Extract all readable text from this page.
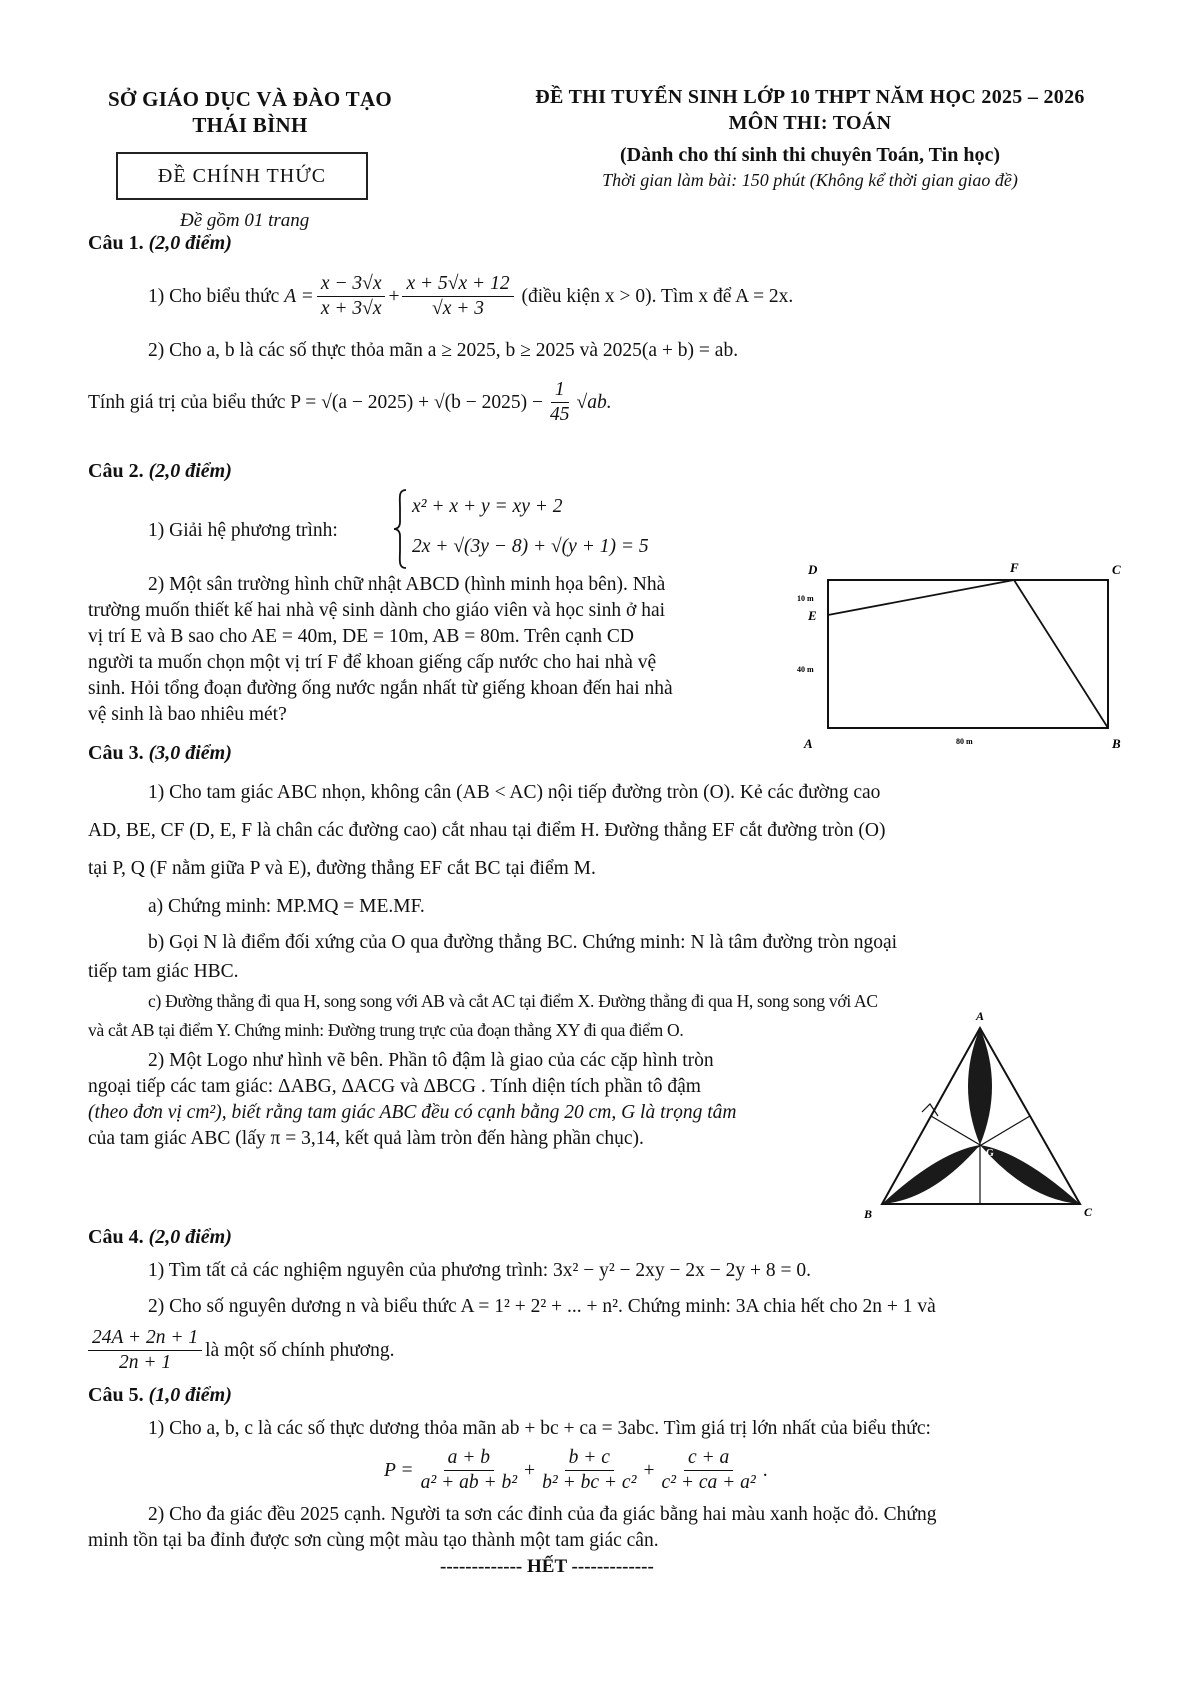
SỞ GIÁO DỤC VÀ ĐÀO TẠO
THÁI BÌNH
ĐỀ CHÍNH THỨC
Đề gồm 01 trang
ĐỀ THI TUYỂN SINH LỚP 10 THPT NĂM HỌC 2025 – 2026
MÔN THI: TOÁN
(Dành cho thí sinh thi chuyên Toán, Tin học)
Thời gian làm bài: 150 phút (Không kể thời gian giao đề)
Câu 1. (2,0 điểm)
1) Cho biểu thức
$A = \frac{x - 3√x}{x + 3√x} + \frac{x + 5√x + 12}{√x + 3}$
(điều kiện x > 0). Tìm x để A = 2x.
2) Cho a, b là các số thực thỏa mãn a ≥ 2025, b ≥ 2025 và 2025(a + b) = ab.
Tính giá trị của biểu thức $P = √(a - 2025) + √(b - 2025) - \frac{1}{45} √ab$.
Câu 2. (2,0 điểm)
1) Giải hệ phương trình:
x² + x + y = xy + 2
2x + √(3y − 8) + √(y + 1) = 5
2) Một sân trường hình chữ nhật ABCD (hình minh họa bên). Nhà
trường muốn thiết kế hai nhà vệ sinh dành cho giáo viên và học sinh ở hai
vị trí E và B sao cho AE = 40m, DE = 10m, AB = 80m. Trên cạnh CD
người ta muốn chọn một vị trí F để khoan giếng cấp nước cho hai nhà vệ
sinh. Hỏi tổng đoạn đường ống nước ngắn nhất từ giếng khoan đến hai nhà
vệ sinh là bao nhiêu mét?
D	F	C
E
A	B
10 m
40 m
80 m
Câu 3. (3,0 điểm)
1) Cho tam giác ABC nhọn, không cân (AB < AC) nội tiếp đường tròn (O). Kẻ các đường cao
AD, BE, CF (D, E, F là chân các đường cao) cắt nhau tại điểm H. Đường thẳng EF cắt đường tròn (O)
tại P, Q (F nằm giữa P và E), đường thẳng EF cắt BC tại điểm M.
a) Chứng minh: MP.MQ = ME.MF.
b) Gọi N là điểm đối xứng của O qua đường thẳng BC. Chứng minh: N là tâm đường tròn ngoại
tiếp tam giác HBC.
c) Đường thẳng đi qua H, song song với AB và cắt AC tại điểm X. Đường thẳng đi qua H, song song với AC
và cắt AB tại điểm Y. Chứng minh: Đường trung trực của đoạn thẳng XY đi qua điểm O.
2) Một Logo như hình vẽ bên. Phần tô đậm là giao của các cặp hình tròn
ngoại tiếp các tam giác: ΔABG, ΔACG và ΔBCG . Tính diện tích phần tô đậm
(theo đơn vị cm²), biết rằng tam giác ABC đều có cạnh bằng 20 cm, G là trọng tâm
của tam giác ABC (lấy π = 3,14, kết quả làm tròn đến hàng phần chục).
A
B	C
G
Câu 4. (2,0 điểm)
1) Tìm tất cả các nghiệm nguyên của phương trình: 3x² − y² − 2xy − 2x − 2y + 8 = 0.
2) Cho số nguyên dương n và biểu thức A = 1² + 2² + ... + n². Chứng minh: 3A chia hết cho 2n + 1 và
$\frac{24A + 2n + 1}{2n + 1}$ là một số chính phương.
Câu 5. (1,0 điểm)
1) Cho a, b, c là các số thực dương thỏa mãn ab + bc + ca = 3abc. Tìm giá trị lớn nhất của biểu thức:
$P = \frac{a + b}{\text{a² + ab + b²}} + \frac{b + c}{\text{b² + bc + c²}} + \frac{c + a}{\text{c² + ca + a²}}$ .
2) Cho đa giác đều 2025 cạnh. Người ta sơn các đỉnh của đa giác bằng hai màu xanh hoặc đỏ. Chứng
minh tồn tại ba đỉnh được sơn cùng một màu tạo thành một tam giác cân.
------------- HẾT -------------
